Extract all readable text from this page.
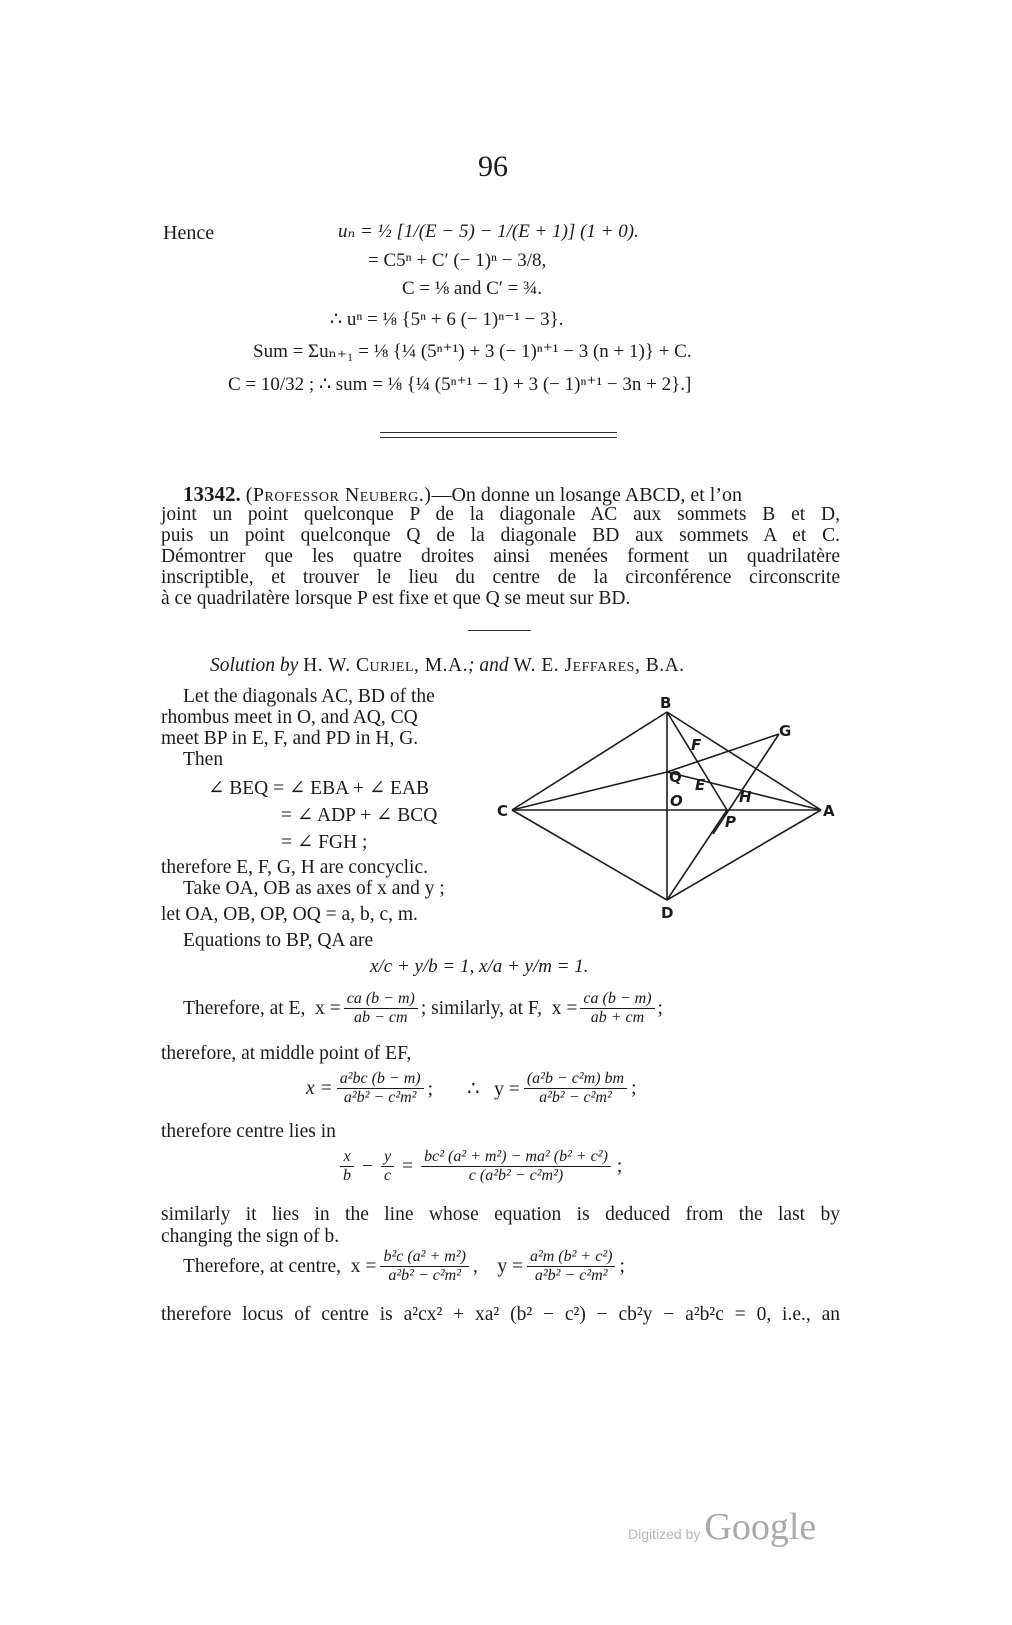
96
Hence	uₙ = ½ [1/(E − 5) − 1/(E + 1)] (1 + 0).
= C5ⁿ + C′ (− 1)ⁿ − 3/8,
C = ⅛ and C′ = ¾.
∴ uⁿ = ⅛ {5ⁿ + 6 (− 1)ⁿ⁻¹ − 3}.
Sum = Σuₙ₊₁ = ⅛ {¼ (5ⁿ⁺¹) + 3 (− 1)ⁿ⁺¹ − 3 (n + 1)} + C.
C = 10/32 ; ∴ sum = ⅛ {¼ (5ⁿ⁺¹ − 1) + 3 (− 1)ⁿ⁺¹ − 3n + 2}.]
13342. (Professor Neuberg.)—On donne un losange ABCD, et l’on
joint un point quelconque P de la diagonale AC aux sommets B et D,
puis un point quelconque Q de la diagonale BD aux sommets A et C.
Démontrer que les quatre droites ainsi menées forment un quadrilatère
inscriptible, et trouver le lieu du centre de la circonférence circonscrite
à ce quadrilatère lorsque P est fixe et que Q se meut sur BD.
Solution by H. W. Curjel, M.A.; and W. E. Jeffares, B.A.
Let the diagonals AC, BD of the
rhombus meet in O, and AQ, CQ
meet BP in E, F, and PD in H, G.
Then
∠ BEQ = ∠ EBA + ∠ EAB
= ∠ ADP + ∠ BCQ
= ∠ FGH ;
therefore E, F, G, H are concyclic.
Take OA, OB as axes of x and y ;
let OA, OB, OP, OQ = a, b, c, m.
Equations to BP, QA are
B
C	A
D
F
G
Q E
O	H
P
x/c + y/b = 1, x/a + y/m = 1.
Therefore, at E,  $x = \frac{ca (b - m)}{ab - cm}$ ; similarly, at F,  $x = \frac{ca (b - m)}{ab + cm}$ ;
therefore, at middle point of EF,
$x = \frac{\text{a²bc (b − m)}}{\text{a²b² − c²m²}}$ ;       ∴   $y = \frac{\text{(a²b − c²m) bm}}{\text{a²b² − c²m²}}$ ;
therefore centre lies in
$\frac{x}{b} - \frac{y}{c} = \frac{\text{bc² (a² + m²) − ma² (b² + c²)}}{\text{c (a²b² − c²m²)}}$ ;
similarly it lies in the line whose equation is deduced from the last by
changing the sign of b.
Therefore, at centre,  $x = \frac{\text{b²c (a² + m²)}}{\text{a²b² − c²m²}}$ ,    $y = \frac{\text{a²m (b² + c²)}}{\text{a²b² − c²m²}}$ ;
therefore locus of centre is a²cx² + xa² (b² − c²) − cb²y − a²b²c = 0, i.e., an
Digitized by Google
